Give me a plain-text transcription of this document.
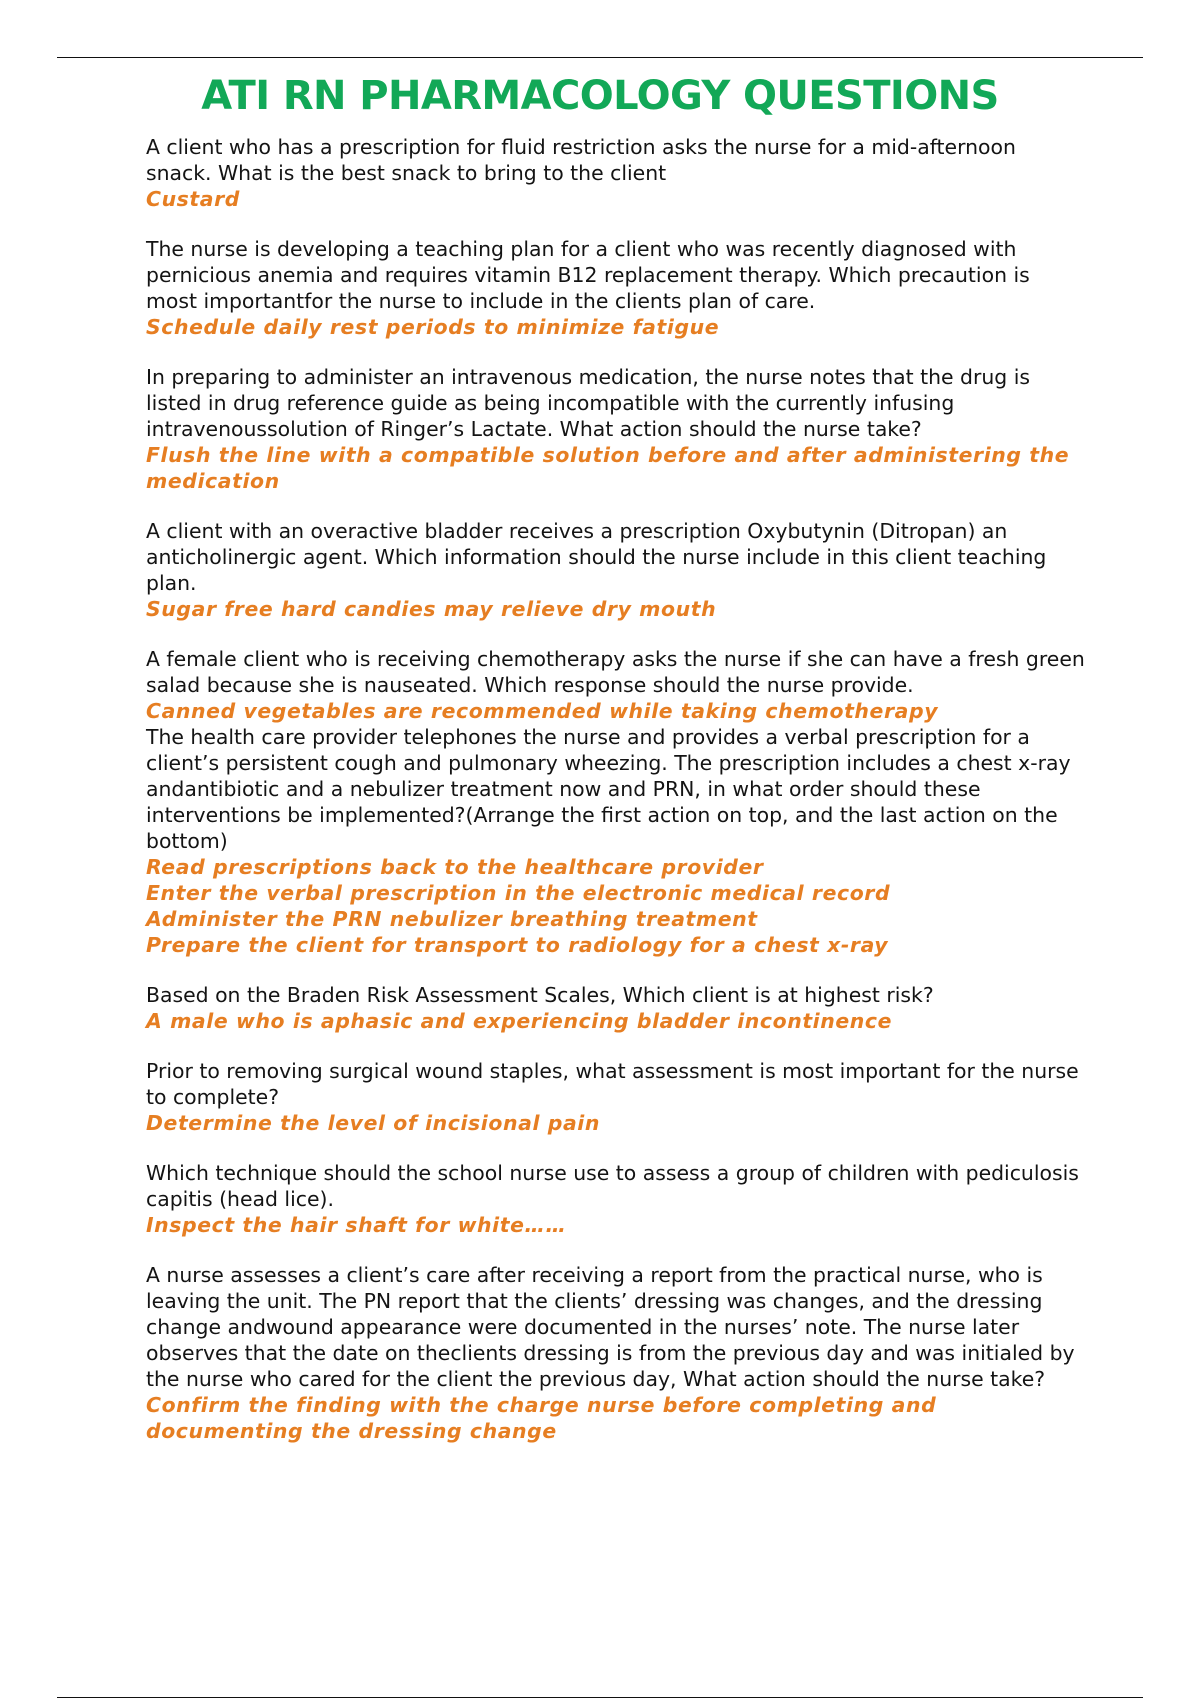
ATI RN PHARMACOLOGY QUESTIONS

A client who has a prescription for fluid restriction asks the nurse for a mid-afternoon snack. What is the best snack to bring to the client

Custard

The nurse is developing a teaching plan for a client who was recently diagnosed with pernicious anemia and requires vitamin B12 replacement therapy. Which precaution is most importantfor the nurse to include in the clients plan of care.

Schedule daily rest periods to minimize fatigue

In preparing to administer an intravenous medication, the nurse notes that the drug is listed in drug reference guide as being incompatible with the currently infusing intravenoussolution of Ringer’s Lactate. What action should the nurse take?

Flush the line with a compatible solution before and after administering the medication

A client with an overactive bladder receives a prescription Oxybutynin (Ditropan) an anticholinergic agent. Which information should the nurse include in this client teaching plan.

Sugar free hard candies may relieve dry mouth

A female client who is receiving chemotherapy asks the nurse if she can have a fresh green salad because she is nauseated. Which response should the nurse provide.

Canned vegetables are recommended while taking chemotherapy

The health care provider telephones the nurse and provides a verbal prescription for a client’s persistent cough and pulmonary wheezing. The prescription includes a chest x-ray andantibiotic and a nebulizer treatment now and PRN, in what order should these interventions be implemented?(Arrange the first action on top, and the last action on the bottom)

Read prescriptions back to the healthcare provider

Enter the verbal prescription in the electronic medical record

Administer the PRN nebulizer breathing treatment

Prepare the client for transport to radiology for a chest x-ray

Based on the Braden Risk Assessment Scales, Which client is at highest risk?

A male who is aphasic and experiencing bladder incontinence

Prior to removing surgical wound staples, what assessment is most important for the nurse to complete?

Determine the level of incisional pain

Which technique should the school nurse use to assess a group of children with pediculosis capitis (head lice).

Inspect the hair shaft for white……

A nurse assesses a client’s care after receiving a report from the practical nurse, who is leaving the unit. The PN report that the clients’ dressing was changes, and the dressing change andwound appearance were documented in the nurses’ note. The nurse later observes that the date on theclients dressing is from the previous day and was initialed by the nurse who cared for the client the previous day, What action should the nurse take?

Confirm the finding with the charge nurse before completing and documenting the dressing change
